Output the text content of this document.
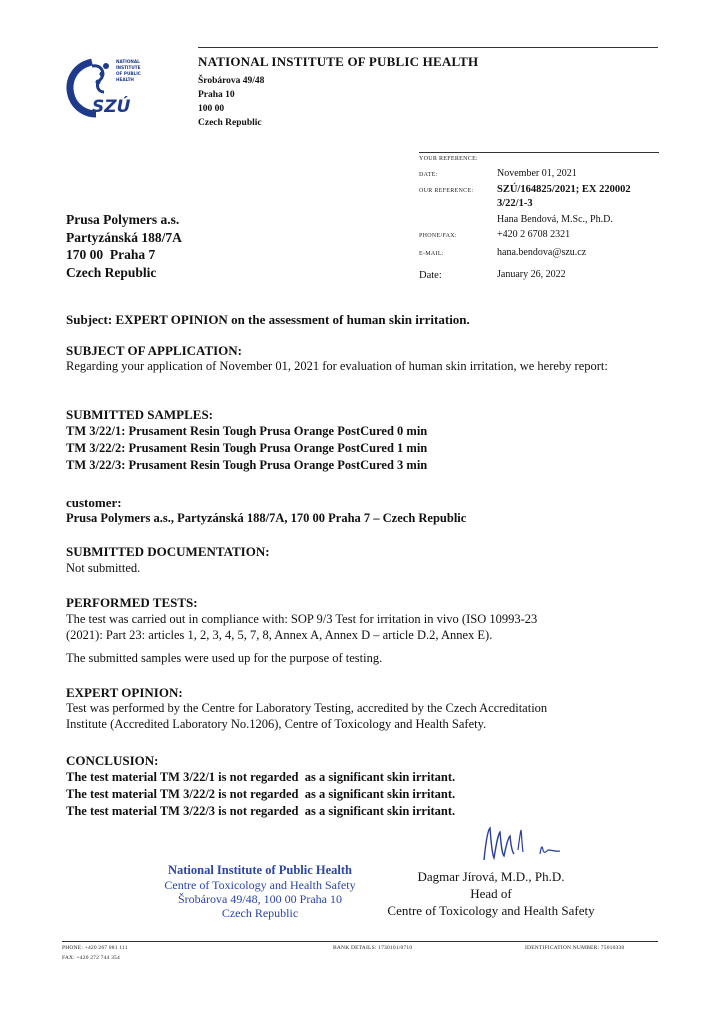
NATIONAL
INSTITUTE
OF PUBLIC
HEALTH
SZÚ
NATIONAL INSTITUTE OF PUBLIC HEALTH
Šrobárova 49/48
Praha 10
100 00
Czech Republic
YOUR REFERENCE:
DATE:	November 01, 2021
OUR REFERENCE: SZÚ/164825/2021; EX 220002
3/22/1-3
Hana Bendová, M.Sc., Ph.D.
PHONE/FAX:	+420 2 6708 2321
E-MAIL:	hana.bendova@szu.cz
Date:	January 26, 2022
Prusa Polymers a.s.
Partyzánská 188/7A
170 00  Praha 7
Czech Republic
Subject: EXPERT OPINION on the assessment of human skin irritation.
SUBJECT OF APPLICATION:
Regarding your application of November 01, 2021 for evaluation of human skin irritation, we hereby report:
SUBMITTED SAMPLES:
TM 3/22/1: Prusament Resin Tough Prusa Orange PostCured 0 min
TM 3/22/2: Prusament Resin Tough Prusa Orange PostCured 1 min
TM 3/22/3: Prusament Resin Tough Prusa Orange PostCured 3 min
customer:
Prusa Polymers a.s., Partyzánská 188/7A, 170 00 Praha 7 – Czech Republic
SUBMITTED DOCUMENTATION:
Not submitted.
PERFORMED TESTS:
The test was carried out in compliance with: SOP 9/3 Test for irritation in vivo (ISO 10993-23
(2021): Part 23: articles 1, 2, 3, 4, 5, 7, 8, Annex A, Annex D – article D.2, Annex E).
The submitted samples were used up for the purpose of testing.
EXPERT OPINION:
Test was performed by the Centre for Laboratory Testing, accredited by the Czech Accreditation
Institute (Accredited Laboratory No.1206), Centre of Toxicology and Health Safety.
CONCLUSION:
The test material TM 3/22/1 is not regarded  as a significant skin irritant.
The test material TM 3/22/2 is not regarded  as a significant skin irritant.
The test material TM 3/22/3 is not regarded  as a significant skin irritant.
National Institute of Public Health
Centre of Toxicology and Health Safety
Šrobárova 49/48, 100 00 Praha 10
Czech Republic
Dagmar Jírová, M.D., Ph.D.
Head of
Centre of Toxicology and Health Safety
PHONE: +420 267 081 111
FAX: +420 272 744 354
BANK DETAILS: 1730101/0710	IDENTIFICATION NUMBER: 75010330
